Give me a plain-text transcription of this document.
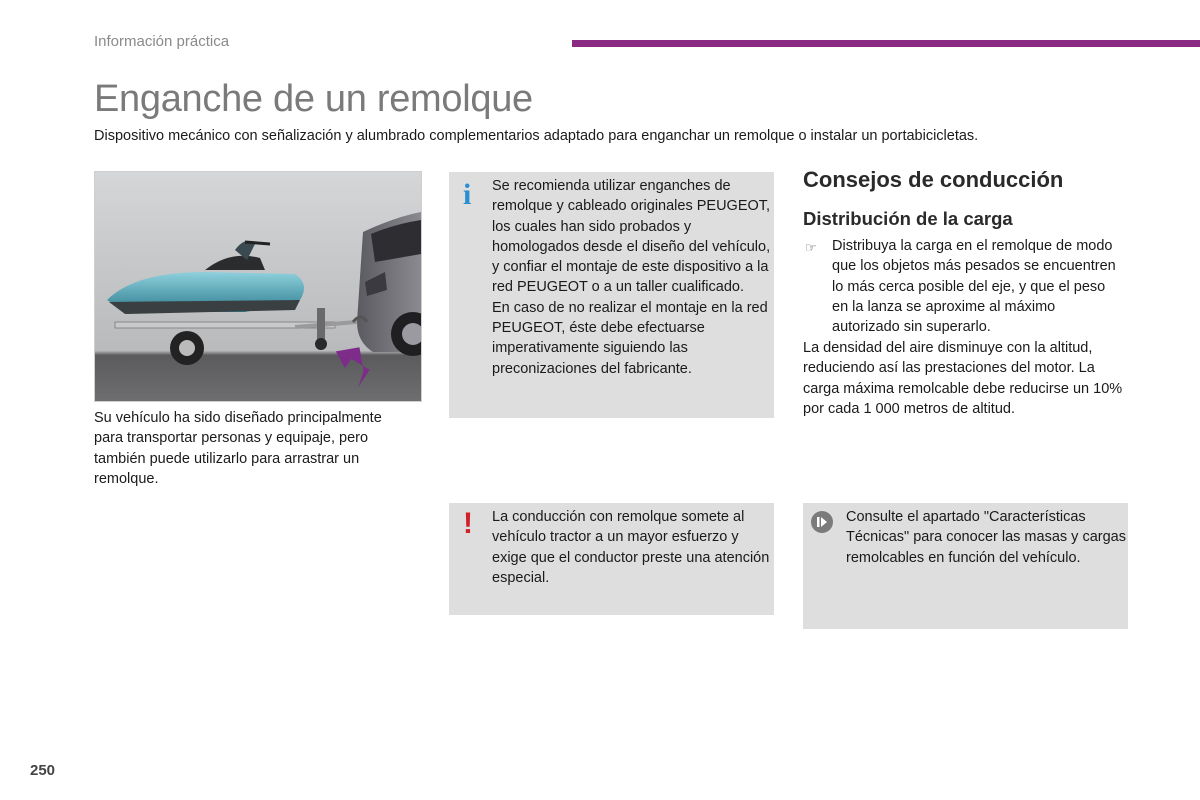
Información práctica
Enganche de un remolque
Dispositivo mecánico con señalización y alumbrado complementarios adaptado para enganchar un remolque o instalar un portabicicletas.
Su vehículo ha sido diseñado principalmente para transportar personas y equipaje, pero también puede utilizarlo para arrastrar un remolque.
i Se recomienda utilizar enganches de remolque y cableado originales PEUGEOT, los cuales han sido probados y homologados desde el diseño del vehículo, y confiar el montaje de este dispositivo a la red PEUGEOT o a un taller cualificado.
En caso de no realizar el montaje en la red PEUGEOT, éste debe efectuarse imperativamente siguiendo las preconizaciones del fabricante.
! La conducción con remolque somete al vehículo tractor a un mayor esfuerzo y exige que el conductor preste una atención especial.
Consulte el apartado "Características Técnicas" para conocer las masas y cargas remolcables en función del vehículo.
Consejos de conducción
Distribución de la carga
☞ Distribuya la carga en el remolque de modo que los objetos más pesados se encuentren lo más cerca posible del eje, y que el peso en la lanza se aproxime al máximo autorizado sin superarlo.
La densidad del aire disminuye con la altitud, reduciendo así las prestaciones del motor. La carga máxima remolcable debe reducirse un 10% por cada 1 000 metros de altitud.
250
